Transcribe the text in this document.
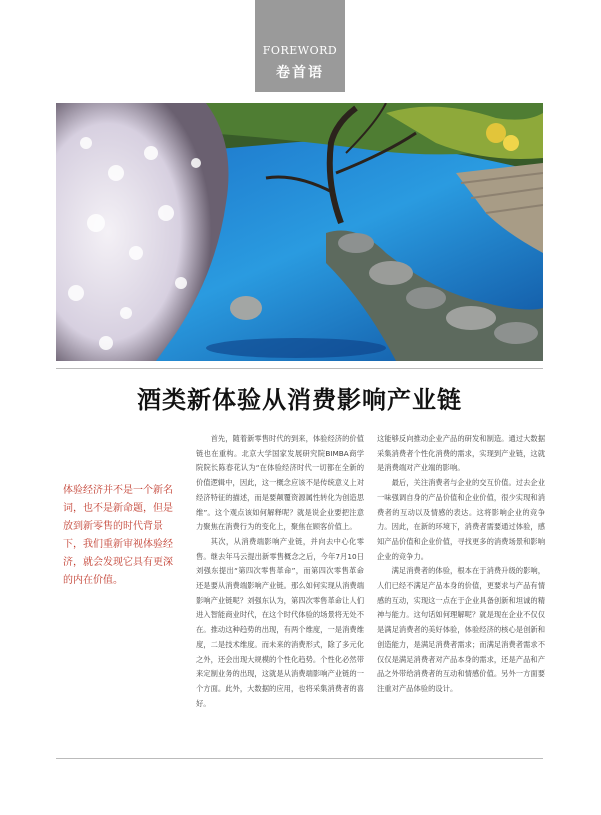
FOREWORD
卷首语
酒类新体验从消费影响产业链
体验经济并不是一个新名词，也不是新命题，但是放到新零售的时代背景下，我们重新审视体验经济，就会发现它具有更深的内在价值。

首先，随着新零售时代的到来，体验经济的价值链也在重构。北京大学国家发展研究院BIMBA商学院院长陈春花认为“在体验经济时代一切都在全新的价值逻辑中，因此，这一概念应该不是传统意义上对经济特征的描述，而是要颠覆资源属性转化为创造思维”。这个观点该如何解释呢？就是说企业要把注意力聚焦在消费行为的变化上，聚焦在顾客价值上。

其次，从消费端影响产业链，并向去中心化零售。继去年马云提出新零售概念之后，今年7月10日刘强东提出“第四次零售革命”，而第四次零售革命还是要从消费端影响产业链。那么如何实现从消费端影响产业链呢？刘强东认为，第四次零售革命让人们进入智能商业时代，在这个时代体验的场景将无处不在。推动这种趋势的出现，有两个维度，一是消费维度，二是技术维度。而未来的消费形式，除了多元化之外，还会出现大规模的个性化趋势。个性化必然带来定制业务的出现，这就是从消费端影响产业链的一个方面。此外，大数据的应用，也将采集消费者的喜好。

这能够反向推动企业产品的研发和制造。通过大数据采集消费者个性化消费的需求，实现到产业链，这就是消费端对产业端的影响。

最后，关注消费者与企业的交互价值。过去企业一味强调自身的产品价值和企业价值，很少实现和消费者的互动以及情感的表达。这将影响企业的竞争力。因此，在新的环境下，消费者需要通过体验，感知产品价值和企业价值，寻找更多的消费场景和影响企业的竞争力。

满足消费者的体验，根本在于消费升级的影响，人们已经不满足产品本身的价值，更要求与产品有情感的互动，实现这一点在于企业具备创新和坦诚的精神与能力。这句话如何理解呢？就是现在企业不仅仅是满足消费者的美好体验，体验经济的核心是创新和创造能力，是满足消费者需求；而满足消费者需求不仅仅是满足消费者对产品本身的需求，还是产品和产品之外带给消费者的互动和情感价值。另外一方面要注重对产品体验的设计。
